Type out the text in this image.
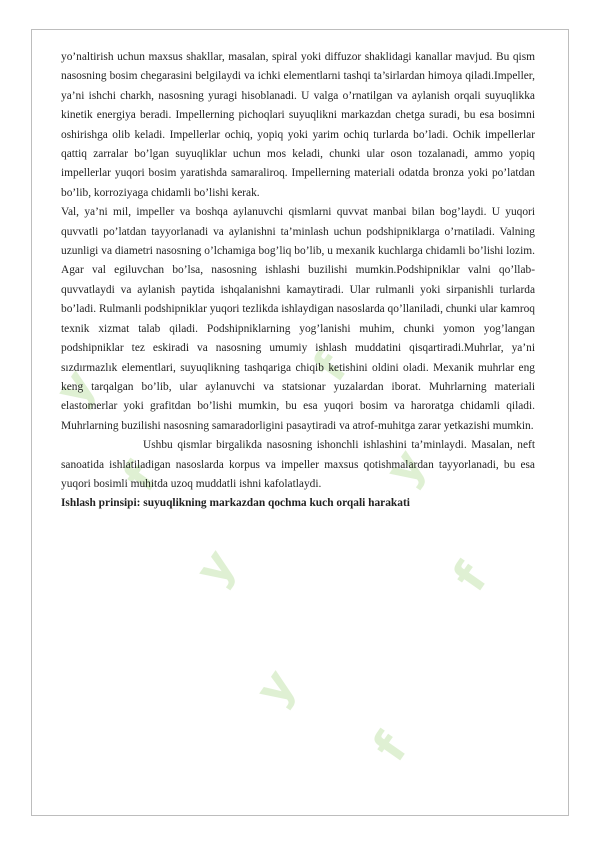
y
f
y
f
y
f
y
f

yo’naltirish uchun maxsus shakllar, masalan, spiral yoki diffuzor shaklidagi kanallar mavjud. Bu qism nasosning bosim chegarasini belgilaydi va ichki elementlarni tashqi ta’sirlardan himoya qiladi.Impeller, ya’ni ishchi charkh, nasosning yuragi hisoblanadi. U valga o’rnatilgan va aylanish orqali suyuqlikka kinetik energiya beradi. Impellerning pichoqlari suyuqlikni markazdan chetga suradi, bu esa bosimni oshirishga olib keladi. Impellerlar ochiq, yopiq yoki yarim ochiq turlarda bo’ladi. Ochik impellerlar qattiq zarralar bo’lgan suyuqliklar uchun mos keladi, chunki ular oson tozalanadi, ammo yopiq impellerlar yuqori bosim yaratishda samaraliroq. Impellerning materiali odatda bronza yoki po’latdan bo’lib, korroziyaga chidamli bo’lishi kerak.

Val, ya’ni mil, impeller va boshqa aylanuvchi qismlarni quvvat manbai bilan bog’laydi. U yuqori quvvatli po’latdan tayyorlanadi va aylanishni ta’minlash uchun podshipniklarga o’rnatiladi. Valning uzunligi va diametri nasosning o’lchamiga bog’liq bo’lib, u mexanik kuchlarga chidamli bo’lishi lozim. Agar val egiluvchan bo’lsa, nasosning ishlashi buzilishi mumkin.Podshipniklar valni qo’llab-quvvatlaydi va aylanish paytida ishqalanishni kamaytiradi. Ular rulmanli yoki sirpanishli turlarda bo’ladi. Rulmanli podshipniklar yuqori tezlikda ishlaydigan nasoslarda qo’llaniladi, chunki ular kamroq texnik xizmat talab qiladi. Podshipniklarning yog’lanishi muhim, chunki yomon yog’langan podshipniklar tez eskiradi va nasosning umumiy ishlash muddatini qisqartiradi.Muhrlar, ya’ni sızdırmazlık elementlari, suyuqlikning tashqariga chiqib ketishini oldini oladi. Mexanik muhrlar eng keng tarqalgan bo’lib, ular aylanuvchi va statsionar yuzalardan iborat. Muhrlarning materiali elastomerlar yoki grafitdan bo’lishi mumkin, bu esa yuqori bosim va haroratga chidamli qiladi. Muhrlarning buzilishi nasosning samaradorligini pasaytiradi va atrof-muhitga zarar yetkazishi mumkin.

Ushbu qismlar birgalikda nasosning ishonchli ishlashini ta’minlaydi. Masalan, neft sanoatida ishlatiladigan nasoslarda korpus va impeller maxsus qotishmalardan tayyorlanadi, bu esa yuqori bosimli muhitda uzoq muddatli ishni kafolatlaydi.

Ishlash prinsipi: suyuqlikning markazdan qochma kuch orqali harakati
